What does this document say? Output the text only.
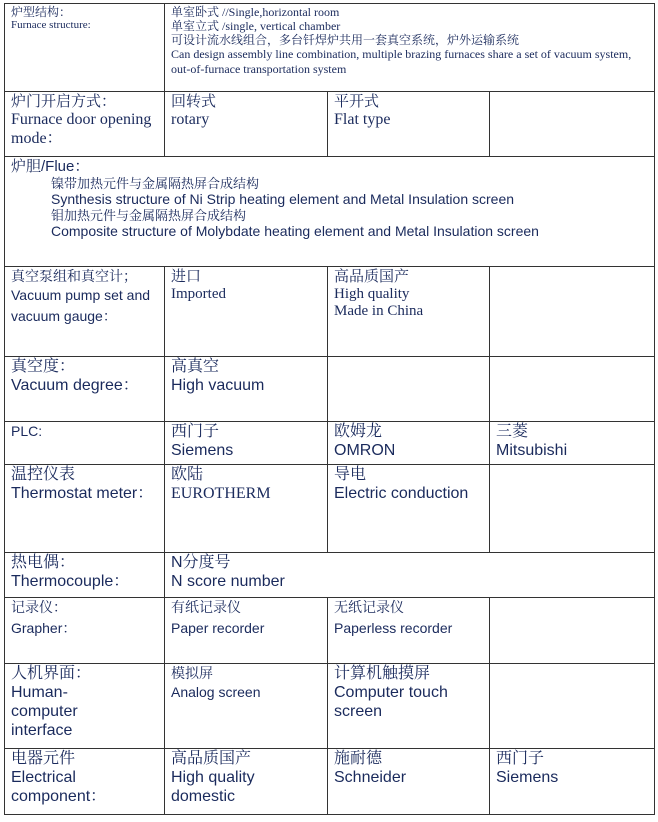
炉型结构：
Furnace structure:	单室卧式 //Single,horizontal room
单室立式 /single, vertical chamber
可设计流水线组合，多台钎焊炉共用一套真空系统，炉外运输系统
Can design assembly line combination, multiple brazing furnaces share a set of vacuum system, out-of-furnace transportation system		

炉门开启方式：
Furnace door opening mode：	回转式
rotary	平开式
Flat type	

炉胆/Flue：
镍带加热元件与金属隔热屏合成结构
Synthesis structure of Ni Strip heating element and Metal Insulation screen
钼加热元件与金属隔热屏合成结构
Composite structure of Molybdate heating element and Metal Insulation screen			

真空泵组和真空计；
Vacuum pump set and vacuum gauge：	进口
Imported	高品质国产
High quality
Made in China	

真空度：
Vacuum degree：	高真空
High vacuum		

PLC:	西门子
Siemens	欧姆龙
OMRON	三菱
Mitsubishi

温控仪表
Thermostat meter：	欧陆
EUROTHERM	导电
Electric conduction	

热电偶：
Thermocouple：	N分度号
N score number		

记录仪：
Grapher：	有纸记录仪
Paper recorder	无纸记录仪
Paperless recorder	

人机界面：
Human-computer interface	模拟屏
Analog screen	计算机触摸屏
Computer touch screen	

电器元件
Electrical component：	高品质国产
High quality domestic	施耐德
Schneider	西门子
Siemens
